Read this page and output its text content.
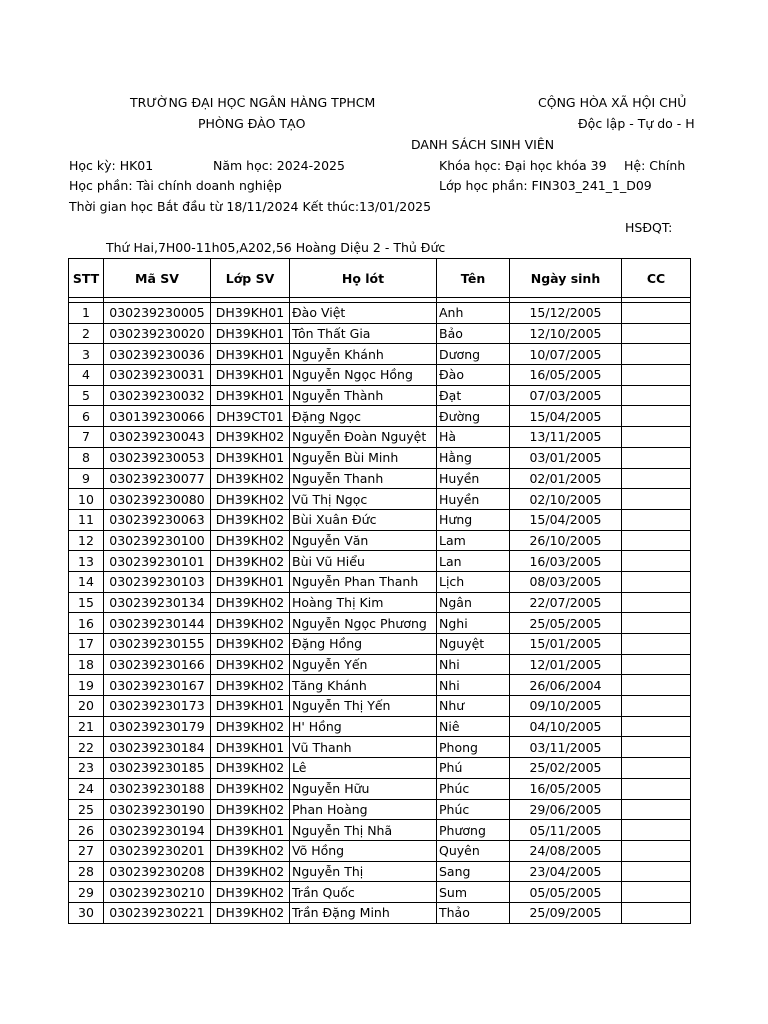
TRƯỜNG ĐẠI HỌC NGÂN HÀNG TPHCM
PHÒNG ĐÀO TẠO
CỘNG HÒA XÃ HỘI CHỦ
Độc lập - Tự do - H
DANH SÁCH SINH VIÊN
Học kỳ: HK01	Năm học: 2024-2025	Khóa học: Đại học khóa 39 Hệ: Chính
Học phần: Tài chính doanh nghiệp	Lớp học phần: FIN303_241_1_D09
Thời gian học Bắt đầu từ 18/11/2024 Kết thúc:13/01/2025
HSĐQT:
Thứ Hai,7H00-11h05,A202,56 Hoàng Diệu 2 - Thủ Đức
STT	Mã SV	Lớp SV	Họ lót	Tên	Ngày sinh	CC

1	030239230005	DH39KH01	Đào Việt	Anh	15/12/2005	
2	030239230020	DH39KH01	Tôn Thất Gia	Bảo	12/10/2005	
3	030239230036	DH39KH01	Nguyễn Khánh	Dương	10/07/2005	
4	030239230031	DH39KH01	Nguyễn Ngọc Hồng	Đào	16/05/2005	
5	030239230032	DH39KH01	Nguyễn Thành	Đạt	07/03/2005	
6	030139230066	DH39CT01	Đặng Ngọc	Đường	15/04/2005	
7	030239230043	DH39KH02	Nguyễn Đoàn Nguyệt	Hà	13/11/2005	
8	030239230053	DH39KH01	Nguyễn Bùi Minh	Hằng	03/01/2005	
9	030239230077	DH39KH02	Nguyễn Thanh	Huyền	02/01/2005	
10	030239230080	DH39KH02	Vũ Thị Ngọc	Huyền	02/10/2005	
11	030239230063	DH39KH02	Bùi Xuân Đức	Hưng	15/04/2005	
12	030239230100	DH39KH02	Nguyễn Văn	Lam	26/10/2005	
13	030239230101	DH39KH02	Bùi Vũ Hiểu	Lan	16/03/2005	
14	030239230103	DH39KH01	Nguyễn Phan Thanh	Lịch	08/03/2005	
15	030239230134	DH39KH02	Hoàng Thị Kim	Ngân	22/07/2005	
16	030239230144	DH39KH02	Nguyễn Ngọc Phương	Nghi	25/05/2005	
17	030239230155	DH39KH02	Đặng Hồng	Nguyệt	15/01/2005	
18	030239230166	DH39KH02	Nguyễn Yến	Nhi	12/01/2005	
19	030239230167	DH39KH02	Tăng Khánh	Nhi	26/06/2004	
20	030239230173	DH39KH01	Nguyễn Thị Yến	Như	09/10/2005	
21	030239230179	DH39KH02	H' Hồng	Niê	04/10/2005	
22	030239230184	DH39KH01	Vũ Thanh	Phong	03/11/2005	
23	030239230185	DH39KH02	Lê	Phú	25/02/2005	
24	030239230188	DH39KH02	Nguyễn Hữu	Phúc	16/05/2005	
25	030239230190	DH39KH02	Phan Hoàng	Phúc	29/06/2005	
26	030239230194	DH39KH01	Nguyễn Thị Nhã	Phương	05/11/2005	
27	030239230201	DH39KH02	Võ Hồng	Quyên	24/08/2005	
28	030239230208	DH39KH02	Nguyễn Thị	Sang	23/04/2005	
29	030239230210	DH39KH02	Trần Quốc	Sum	05/05/2005	
30	030239230221	DH39KH02	Trần Đặng Minh	Thảo	25/09/2005	
